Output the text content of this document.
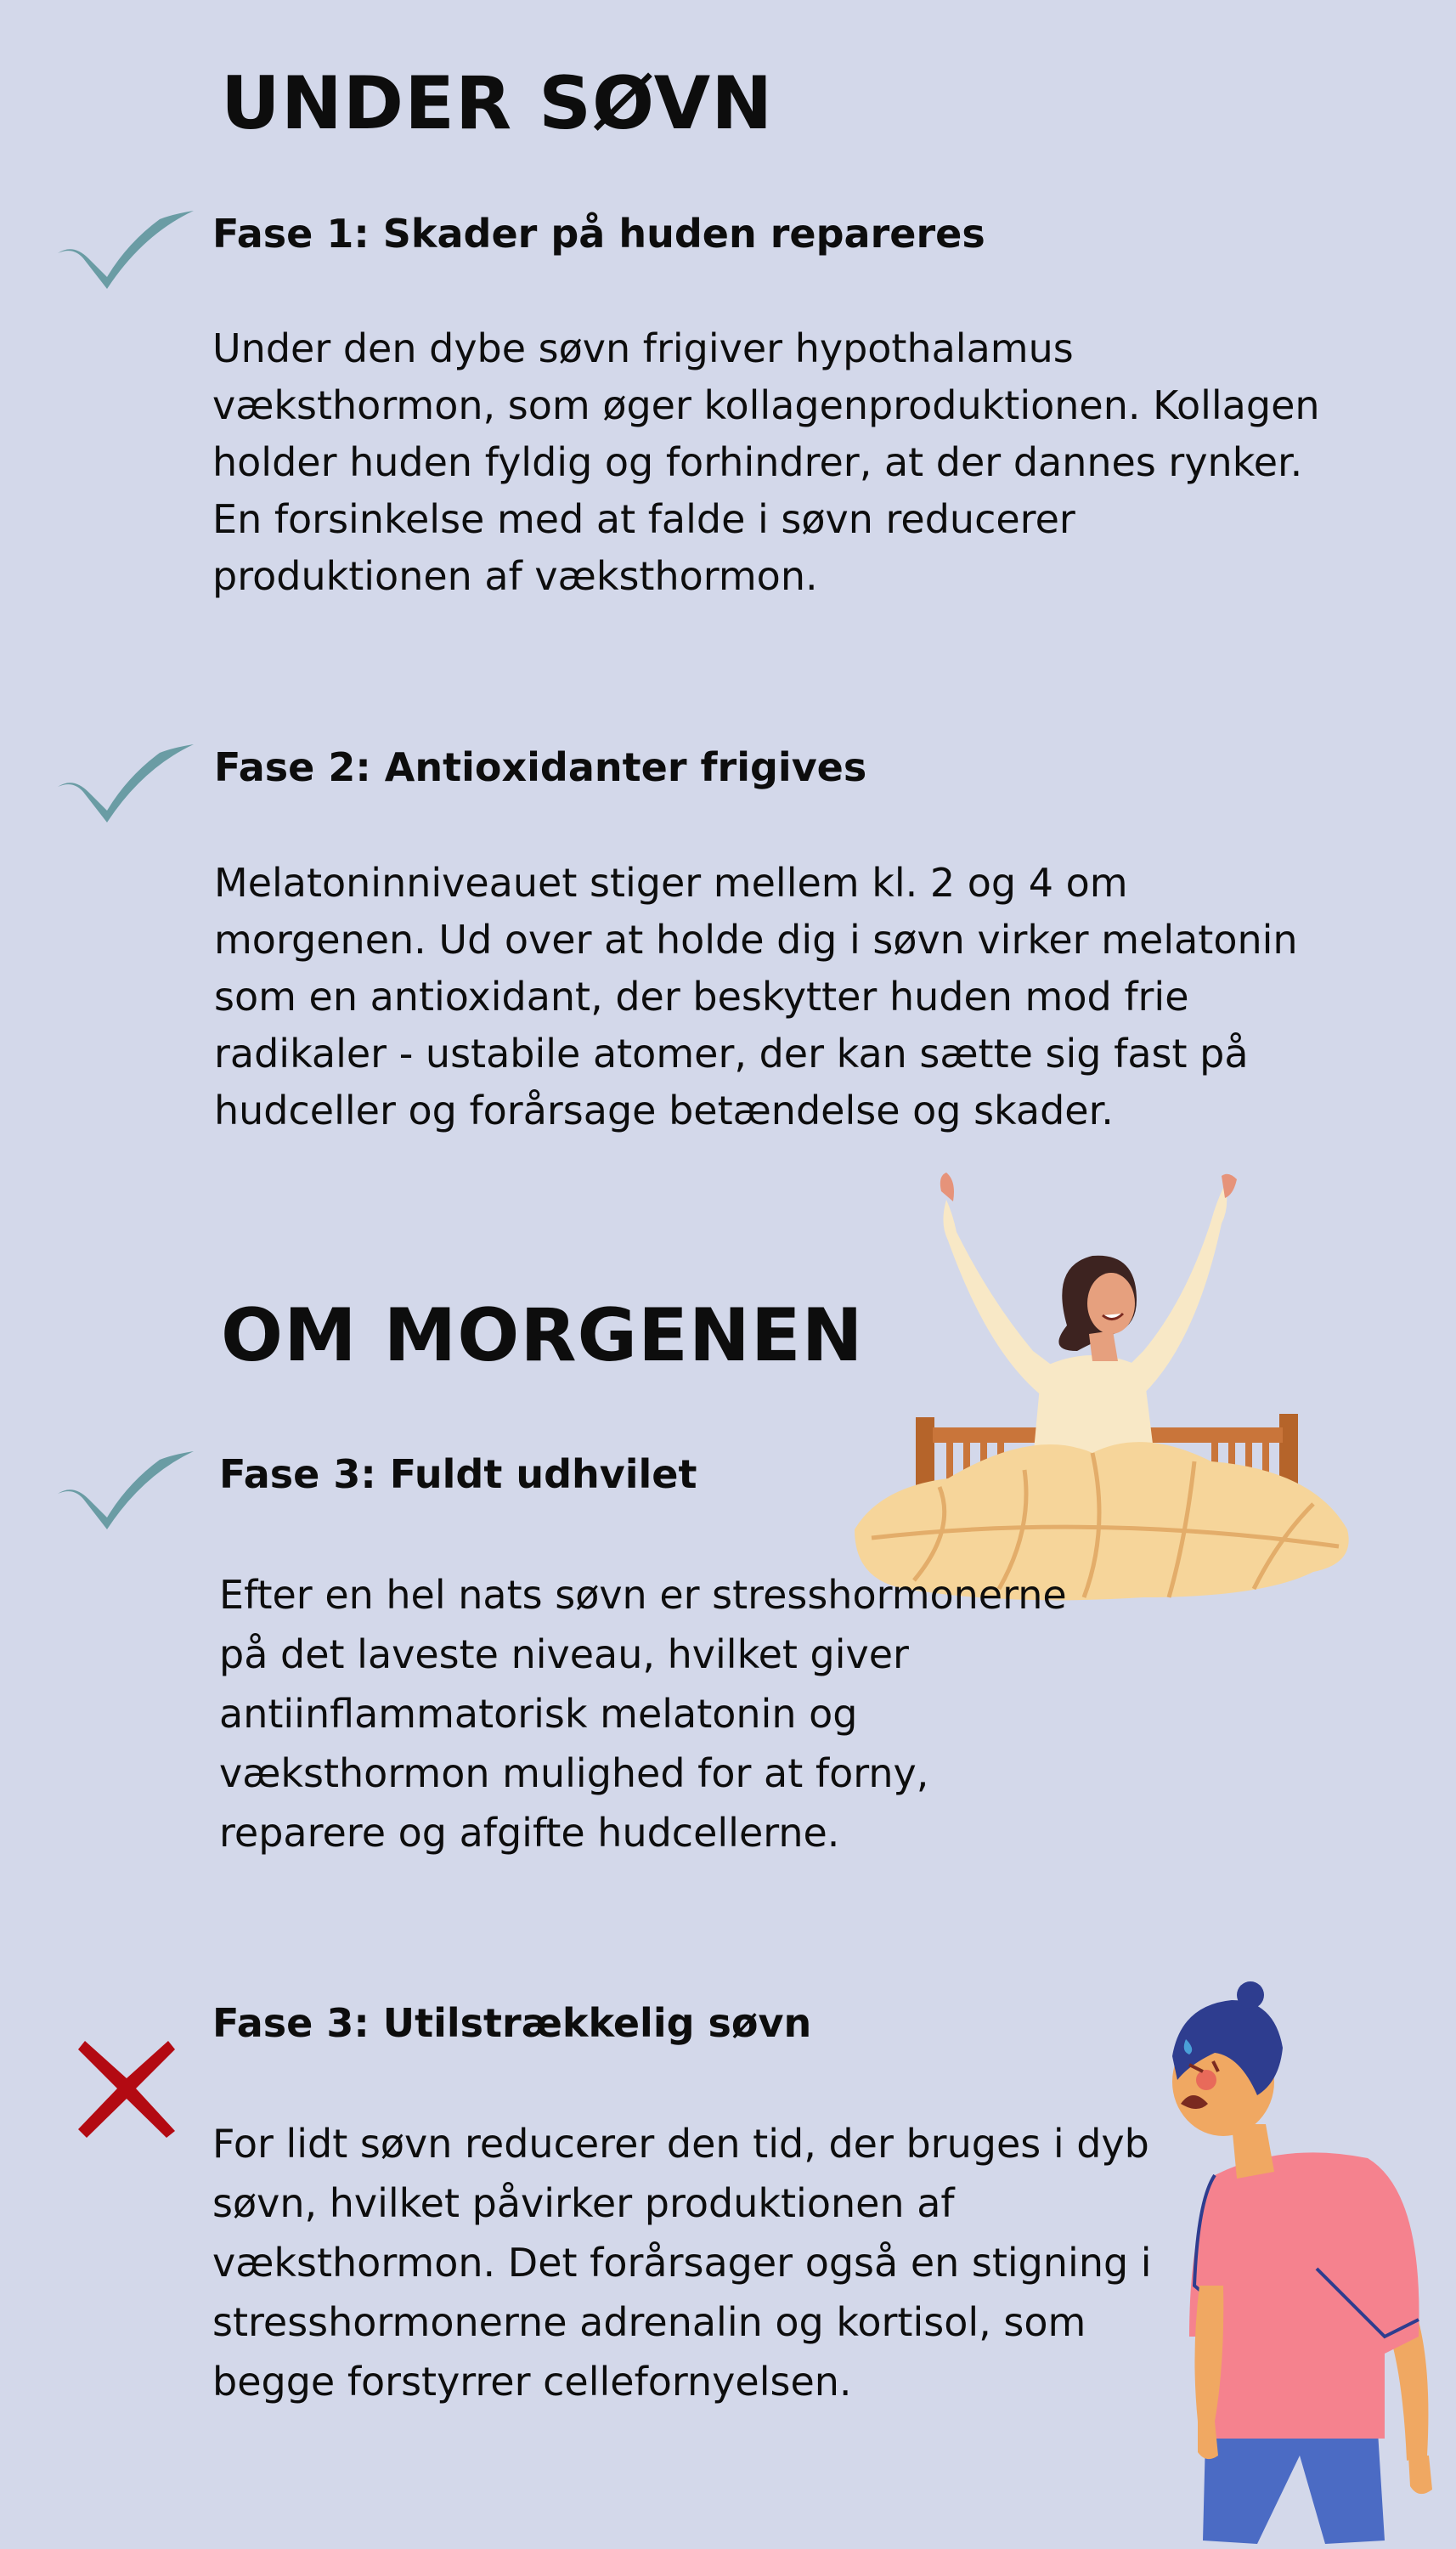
UNDER SØVN
Fase 1: Skader på huden repareres

Under den dybe søvn frigiver hypothalamus væksthormon, som øger kollagenproduktionen. Kollagen holder huden fyldig og forhindrer, at der dannes rynker. En forsinkelse med at falde i søvn reducerer produktionen af væksthormon.

Fase 2: Antioxidanter frigives

Melatoninniveauet stiger mellem kl. 2 og 4 om morgenen. Ud over at holde dig i søvn virker melatonin som en antioxidant, der beskytter huden mod frie radikaler - ustabile atomer, der kan sætte sig fast på hudceller og forårsage betændelse og skader.

OM MORGENEN
Fase 3: Fuldt udhvilet

Efter en hel nats søvn er stresshormonerne på det laveste niveau, hvilket giver antiinflammatorisk melatonin og væksthormon mulighed for at forny, reparere og afgifte hudcellerne.

Fase 3: Utilstrækkelig søvn

For lidt søvn reducerer den tid, der bruges i dyb søvn, hvilket påvirker produktionen af væksthormon. Det forårsager også en stigning i stresshormonerne adrenalin og kortisol, som begge forstyrrer cellefornyelsen.
